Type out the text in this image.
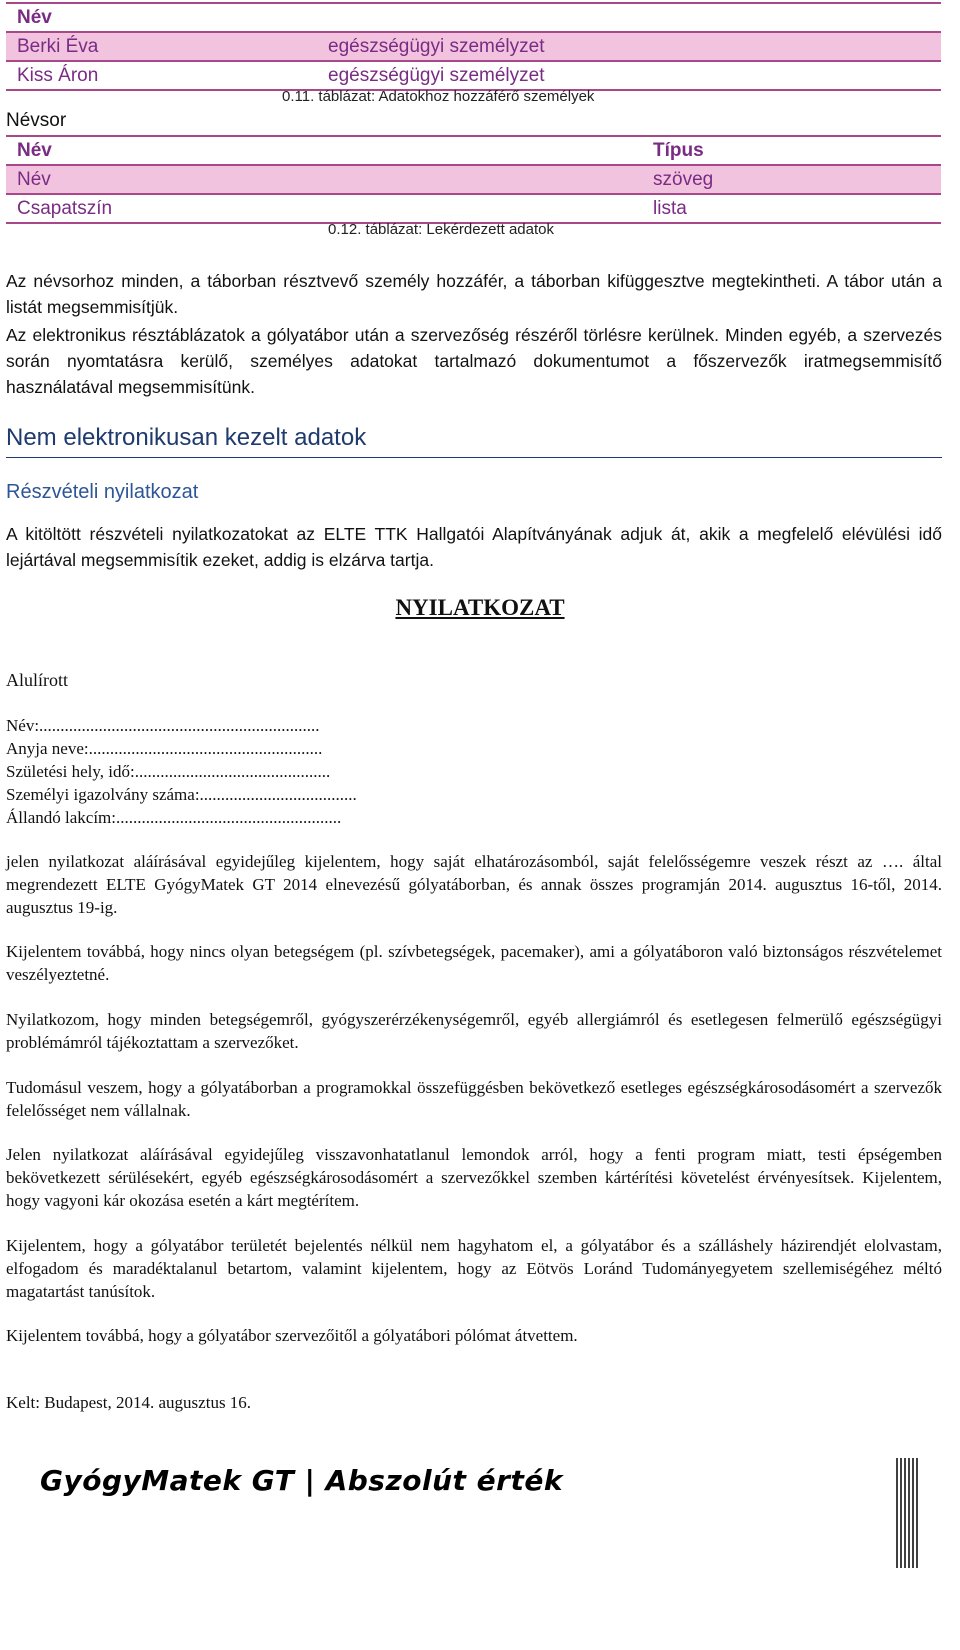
Név
Berki Éva	egészségügyi személyzet
Kiss Áron	egészségügyi személyzet
0.11. táblázat: Adatokhoz hozzáférő személyek
Névsor
Név	Típus
Név	szöveg
Csapatszín	lista
0.12. táblázat: Lekérdezett adatok
Az névsorhoz minden, a táborban résztvevő személy hozzáfér, a táborban kifüggesztve megtekintheti. A tábor után a listát megsemmisítjük.
Az elektronikus résztáblázatok a gólyatábor után a szervezőség részéről törlésre kerülnek. Minden egyéb, a szervezés során nyomtatásra kerülő, személyes adatokat tartalmazó dokumentumot a főszervezők iratmegsemmisítő használatával megsemmisítünk.
Nem elektronikusan kezelt adatok
Részvételi nyilatkozat
A kitöltött részvételi nyilatkozatokat az ELTE TTK Hallgatói Alapítványának adjuk át, akik a megfelelő elévülési idő lejártával megsemmisítik ezeket, addig is elzárva tartja.
NYILATKOZAT
Alulírott
Név:..................................................................
Anyja neve:.......................................................
Születési hely, idő:..............................................
Személyi igazolvány száma:.....................................
Állandó lakcím:.....................................................
jelen nyilatkozat aláírásával egyidejűleg kijelentem, hogy saját elhatározásomból, saját felelősségemre veszek részt az …. által megrendezett ELTE GyógyMatek GT 2014 elnevezésű gólyatáborban, és annak összes programján 2014. augusztus 16-től, 2014. augusztus 19-ig.
Kijelentem továbbá, hogy nincs olyan betegségem (pl. szívbetegségek, pacemaker), ami a gólyatáboron való biztonságos részvételemet veszélyeztetné.
Nyilatkozom, hogy minden betegségemről, gyógyszerérzékenységemről, egyéb allergiámról és esetlegesen felmerülő egészségügyi problémámról tájékoztattam a szervezőket.
Tudomásul veszem, hogy a gólyatáborban a programokkal összefüggésben bekövetkező esetleges egészségkárosodásomért a szervezők felelősséget nem vállalnak.
Jelen nyilatkozat aláírásával egyidejűleg visszavonhatatlanul lemondok arról, hogy a fenti program miatt, testi épségemben bekövetkezett sérülésekért, egyéb egészségkárosodásomért a szervezőkkel szemben kártérítési követelést érvényesítsek. Kijelentem, hogy vagyoni kár okozása esetén a kárt megtérítem.
Kijelentem, hogy a gólyatábor területét bejelentés nélkül nem hagyhatom el, a gólyatábor és a szálláshely házirendjét elolvastam, elfogadom és maradéktalanul betartom, valamint kijelentem, hogy az Eötvös Loránd Tudományegyetem szellemiségéhez méltó magatartást tanúsítok.
Kijelentem továbbá, hogy a gólyatábor szervezőitől a gólyatábori pólómat átvettem.
Kelt: Budapest, 2014. augusztus 16.
GyógyMatek GT | Abszolút érték
